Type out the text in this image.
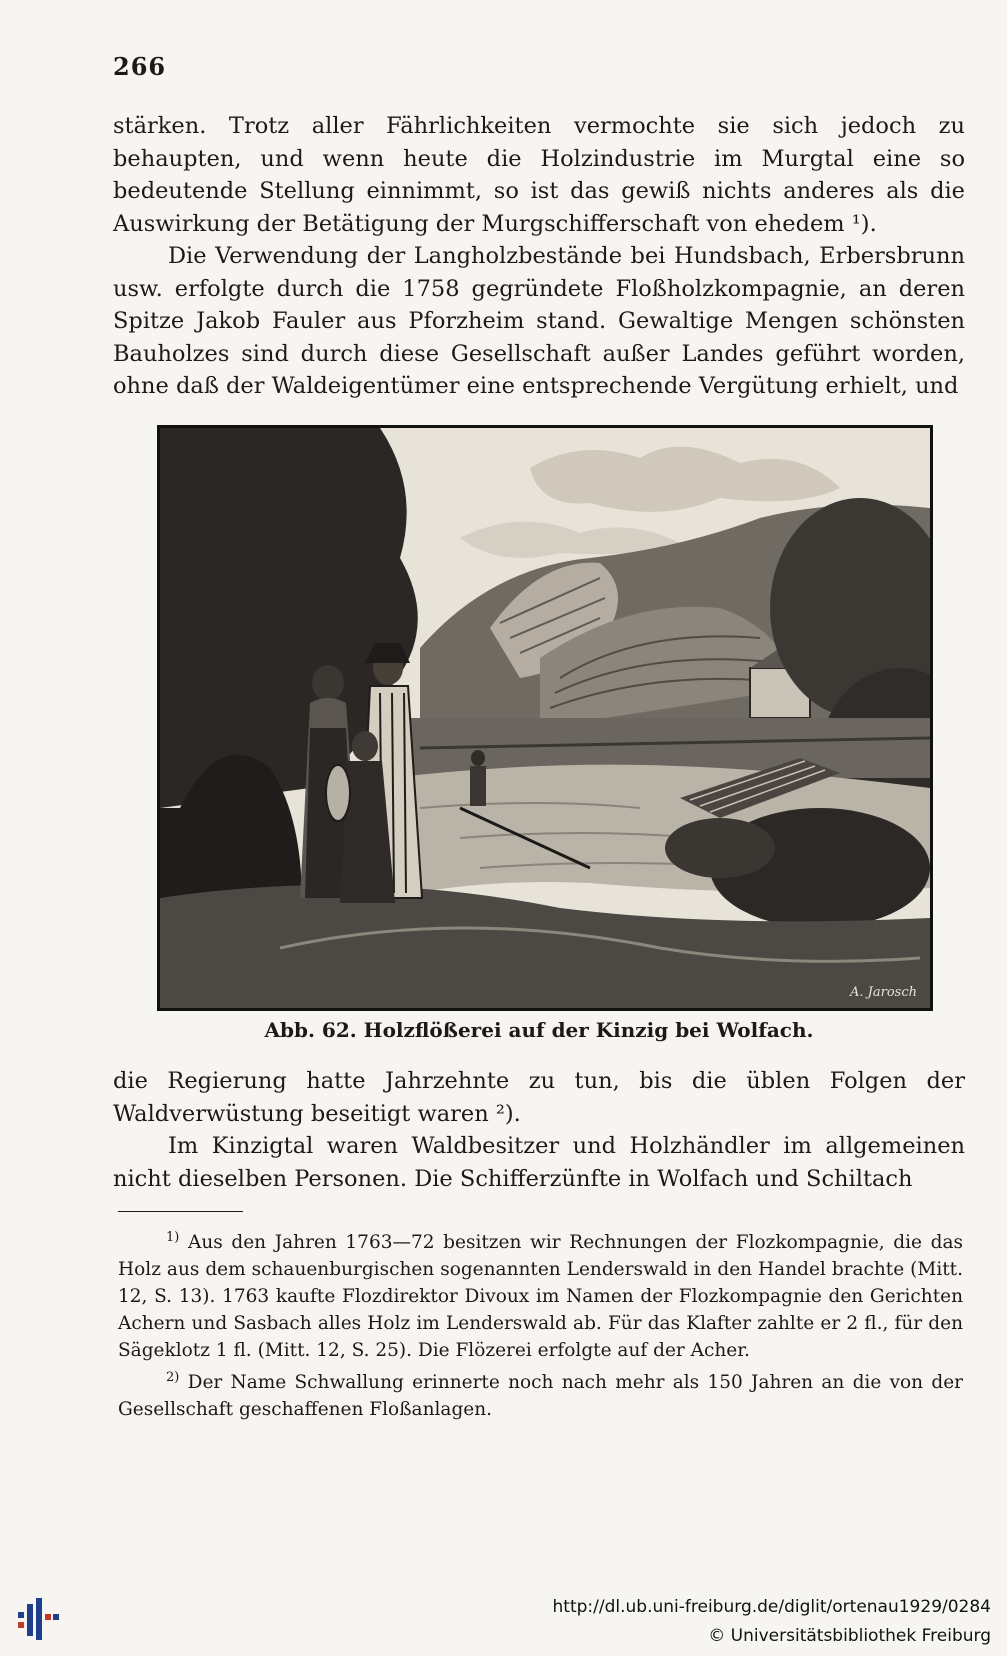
266

stärken. Trotz aller Fährlichkeiten vermochte sie sich jedoch zu behaupten, und wenn heute die Holzindustrie im Murgtal eine so bedeutende Stellung einnimmt, so ist das gewiß nichts anderes als die Auswirkung der Betätigung der Murgschifferschaft von ehedem ¹).

Die Verwendung der Langholzbestände bei Hundsbach, Erbersbrunn usw. erfolgte durch die 1758 gegründete Floßholzkompagnie, an deren Spitze Jakob Fauler aus Pforzheim stand. Gewaltige Mengen schönsten Bauholzes sind durch diese Gesellschaft außer Landes geführt worden, ohne daß der Waldeigentümer eine entsprechende Vergütung erhielt, und

A. Jarosch
Abb. 62. Holzflößerei auf der Kinzig bei Wolfach.

die Regierung hatte Jahrzehnte zu tun, bis die üblen Folgen der Waldverwüstung beseitigt waren ²).

Im Kinzigtal waren Waldbesitzer und Holzhändler im allgemeinen nicht dieselben Personen. Die Schifferzünfte in Wolfach und Schiltach

$^{1)}$ Aus den Jahren 1763—72 besitzen wir Rechnungen der Flozkompagnie, die das Holz aus dem schauenburgischen sogenannten Lenderswald in den Handel brachte (Mitt. 12, S. 13). 1763 kaufte Flozdirektor Divoux im Namen der Flozkompagnie den Gerichten Achern und Sasbach alles Holz im Lenderswald ab. Für das Klafter zahlte er 2 fl., für den Sägeklotz 1 fl. (Mitt. 12, S. 25). Die Flözerei erfolgte auf der Acher.

$^{2)}$ Der Name Schwallung erinnerte noch nach mehr als 150 Jahren an die von der Gesellschaft geschaffenen Floßanlagen.

http://dl.ub.uni-freiburg.de/diglit/ortenau1929/0284
© Universitätsbibliothek Freiburg
